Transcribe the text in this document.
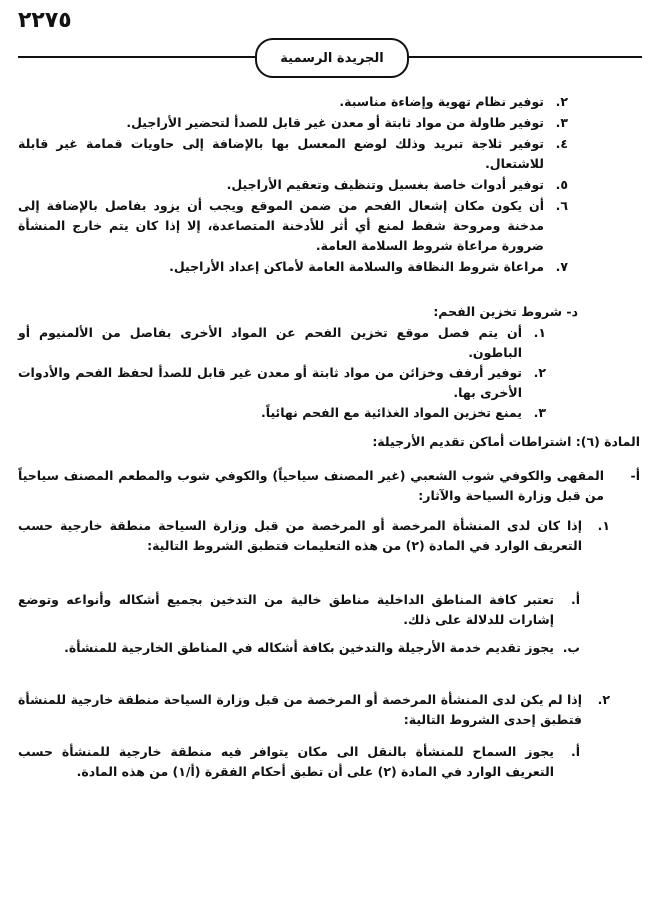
٢٢٧٥
الجريدة الرسمية
٢.
توفير نظام تهوية وإضاءة مناسبة.
٣.
توفير طاولة من مواد ثابتة أو معدن غير قابل للصدأ لتحضير الأراجيل.
٤.
توفير ثلاجة تبريد وذلك لوضع المعسل بها بالإضافة إلى حاويات قمامة غير قابلة للاشتعال.
٥.
توفير أدوات خاصة بغسيل وتنظيف وتعقيم الأراجيل.
٦.
أن يكون مكان إشعال الفحم من ضمن الموقع ويجب أن يزود بفاصل بالإضافة إلى مدخنة ومروحة شفط لمنع أي أثر للأدخنة المتصاعدة، إلا إذا كان يتم خارج المنشأة ضرورة مراعاة شروط السلامة العامة.
٧.
مراعاة شروط النظافة والسلامة العامة لأماكن إعداد الأراجيل.
د- شروط تخزين الفحم:
١.
أن يتم فصل موقع تخزين الفحم عن المواد الأخرى بفاصل من الألمنيوم أو الباطون.
٢.
توفير أرفف وخزائن من مواد ثابتة أو معدن غير قابل للصدأ لحفظ الفحم والأدوات الأخرى بها.
٣.
يمنع تخزين المواد الغذائية مع الفحم نهائياً.
المادة (٦): اشتراطات أماكن تقديم الأرجيلة:
أ-
المقهى والكوفي شوب الشعبي (غير المصنف سياحياً) والكوفي شوب والمطعم المصنف سياحياً من قبل وزارة السياحة والآثار:
١.
إذا كان لدى المنشأة المرخصة أو المرخصة من قبل وزارة السياحة منطقة خارجية حسب التعريف الوارد في المادة (٢) من هذه التعليمات فتطبق الشروط التالية:
أ.
تعتبر كافة المناطق الداخلية مناطق خالية من التدخين بجميع أشكاله وأنواعه وتوضع إشارات للدلالة على ذلك.
ب.
يجوز تقديم خدمة الأرجيلة والتدخين بكافة أشكاله في المناطق الخارجية للمنشأة.
٢.
إذا لم يكن لدى المنشأة المرخصة أو المرخصة من قبل وزارة السياحة منطقة خارجية للمنشأة فتطبق إحدى الشروط التالية:
أ.
يجوز السماح للمنشأة بالنقل الى مكان يتوافر فيه منطقة خارجية للمنشأة حسب التعريف الوارد في المادة (٢) على أن تطبق أحكام الفقرة (أ/١) من هذه المادة.
